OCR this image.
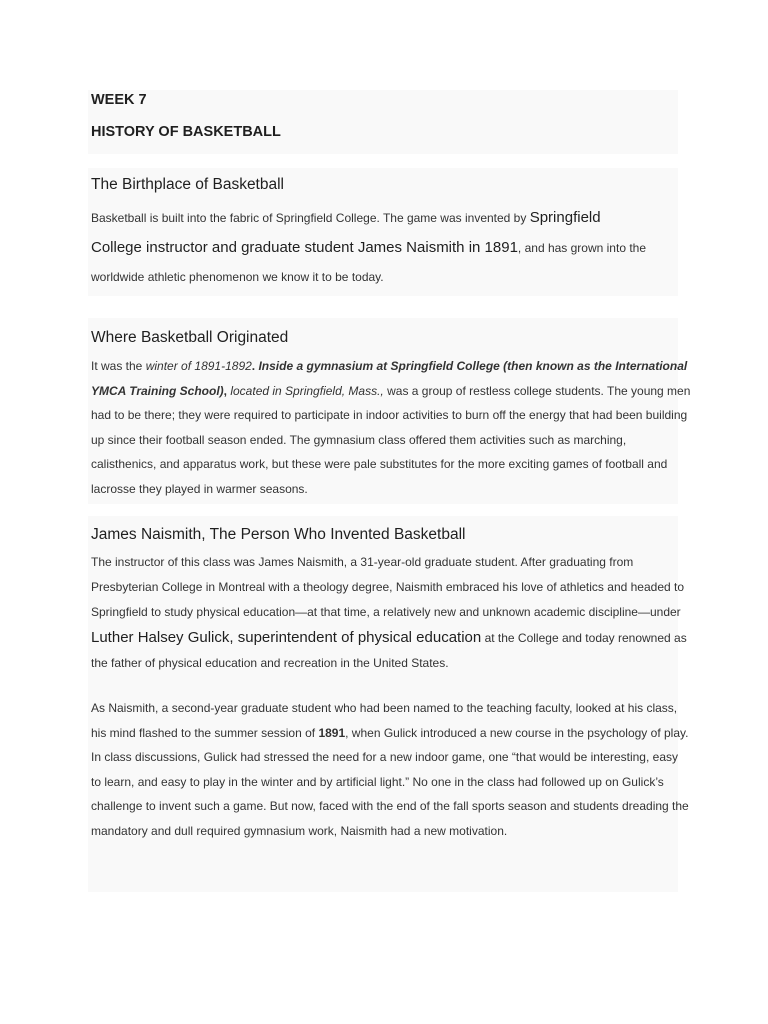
WEEK 7
HISTORY OF BASKETBALL
The Birthplace of Basketball

Basketball is built into the fabric of Springfield College. The game was invented by Springfield
College instructor and graduate student James Naismith in 1891, and has grown into the worldwide athletic phenomenon we know it to be today.

Where Basketball Originated

It was the winter of 1891-1892. Inside a gymnasium at Springfield College (then known as the International YMCA Training School), located in Springfield, Mass., was a group of restless college students. The young men had to be there; they were required to participate in indoor activities to burn off the energy that had been building up since their football season ended. The gymnasium class offered them activities such as marching, calisthenics, and apparatus work, but these were pale substitutes for the more exciting games of football and lacrosse they played in warmer seasons.

James Naismith, The Person Who Invented Basketball

The instructor of this class was James Naismith, a 31-year-old graduate student. After graduating from Presbyterian College in Montreal with a theology degree, Naismith embraced his love of athletics and headed to Springfield to study physical education—at that time, a relatively new and unknown academic discipline—under Luther Halsey Gulick, superintendent of physical education at the College and today renowned as the father of physical education and recreation in the United States.

As Naismith, a second-year graduate student who had been named to the teaching faculty, looked at his class, his mind flashed to the summer session of 1891, when Gulick introduced a new course in the psychology of play. In class discussions, Gulick had stressed the need for a new indoor game, one “that would be interesting, easy to learn, and easy to play in the winter and by artificial light.” No one in the class had followed up on Gulick’s challenge to invent such a game. But now, faced with the end of the fall sports season and students dreading the mandatory and dull required gymnasium work, Naismith had a new motivation.
